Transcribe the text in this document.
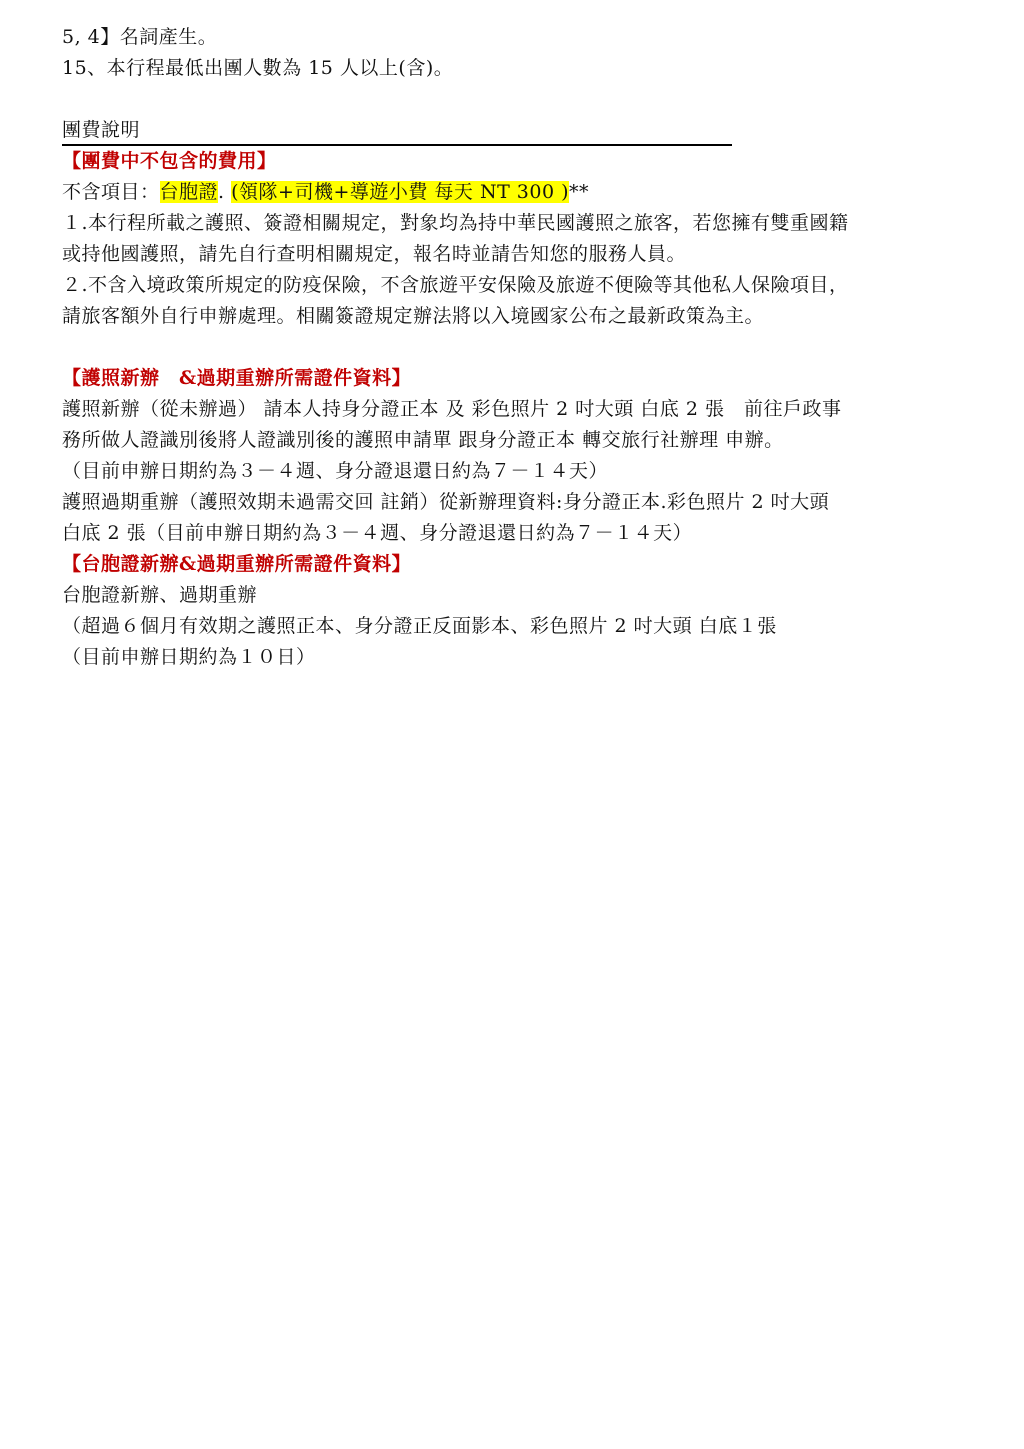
5, 4】名詞產生。
15、本行程最低出團人數為 15 人以上(含)。
團費說明
【團費中不包含的費用】
不含項目：台胞證. (領隊+司機+導遊小費 每天 NT 300 )**
１.本行程所載之護照、簽證相關規定，對象均為持中華民國護照之旅客，若您擁有雙重國籍
或持他國護照，請先自行查明相關規定，報名時並請告知您的服務人員。
２.不含入境政策所規定的防疫保險，不含旅遊平安保險及旅遊不便險等其他私人保險項目，
請旅客額外自行申辦處理。相關簽證規定辦法將以入境國家公布之最新政策為主。
【護照新辦　&過期重辦所需證件資料】
護照新辦（從未辦過） 請本人持身分證正本 及 彩色照片 2 吋大頭 白底 2 張　前往戶政事
務所做人證識別後將人證識別後的護照申請單 跟身分證正本 轉交旅行社辦理 申辦。
（目前申辦日期約為３－４週、身分證退還日約為７－１４天）
護照過期重辦（護照效期未過需交回 註銷）從新辦理資料:身分證正本.彩色照片 2 吋大頭
白底 2 張（目前申辦日期約為３－４週、身分證退還日約為７－１４天）
【台胞證新辦&過期重辦所需證件資料】
台胞證新辦、過期重辦
（超過６個月有效期之護照正本、身分證正反面影本、彩色照片 2 吋大頭 白底１張
（目前申辦日期約為１０日）
